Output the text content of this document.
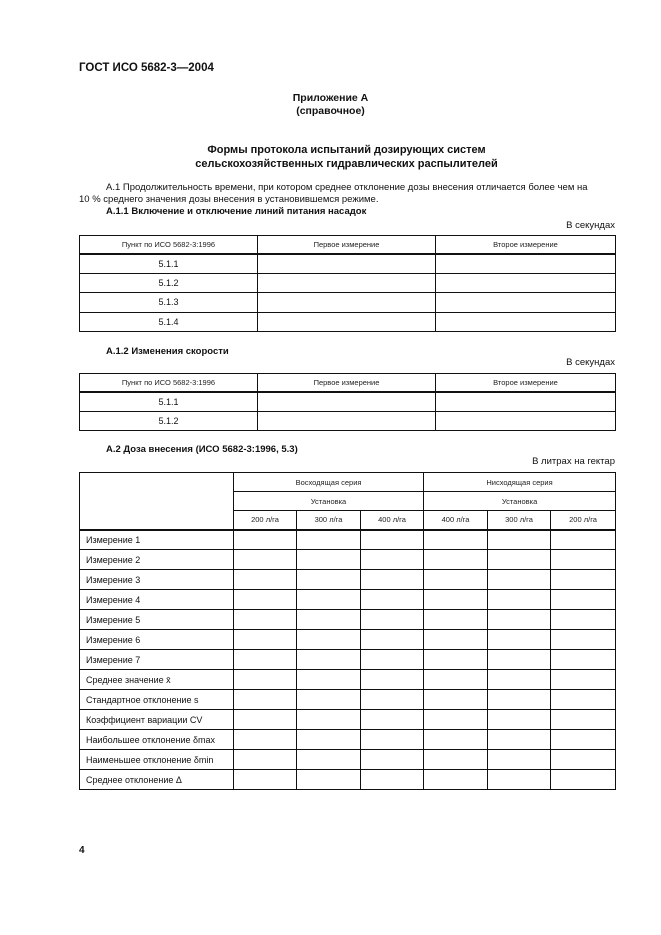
ГОСТ ИСО 5682-3—2004
Приложение А
(справочное)
Формы протокола испытаний дозирующих систем
сельскохозяйственных гидравлических распылителей
А.1 Продолжительность времени, при котором среднее отклонение дозы внесения отличается более чем на
10 % среднего значения дозы внесения в установившемся режиме.
А.1.1 Включение и отключение линий питания насадок
В секундах
Пункт по ИСО 5682-3:1996	Первое измерение	Второе измерение
5.1.1		
5.1.2		
5.1.3		
5.1.4		
А.1.2 Изменения скорости
В секундах
Пункт по ИСО 5682-3:1996	Первое измерение	Второе измерение
5.1.1		
5.1.2		
А.2 Доза внесения (ИСО 5682-3:1996, 5.3)
В литрах на гектар
	Восходящая серия			Нисходящая серия		
	Установка			Установка		
	200 л/га	300 л/га	400 л/га	400 л/га	300 л/га	200 л/га
Измерение 1						
Измерение 2						
Измерение 3						
Измерение 4						
Измерение 5						
Измерение 6						
Измерение 7						
Среднее значение x̄						
Стандартное отклонение s						
Коэффициент вариации CV						
Наибольшее отклонение δmax						
Наименьшее отклонение δmin						
Среднее отклонение Δ						
4
